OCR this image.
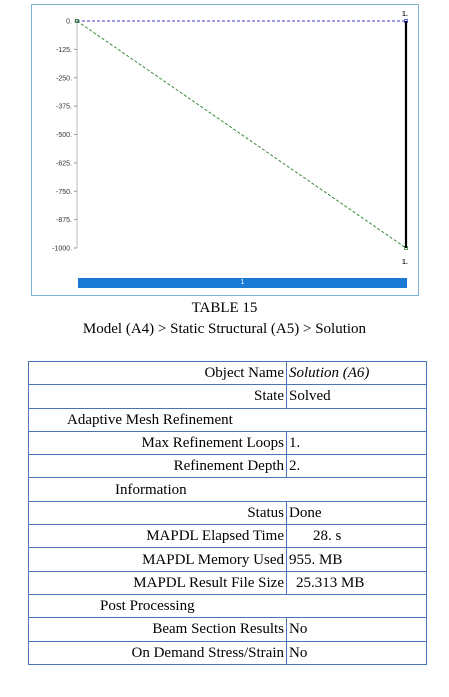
0.
-125.
-250.
-375.
-500.
-625.
-750.
-875.
-1000.
1.
1.
1
TABLE 15
Model (A4) > Static Structural (A5) > Solution
Object Name	Solution (A6)
State	Solved
Adaptive Mesh Refinement	
Max Refinement Loops	1.
Refinement Depth	2.
Information	
Status	Done
MAPDL Elapsed Time	28. s
MAPDL Memory Used	955. MB
MAPDL Result File Size	25.313 MB
Post Processing	
Beam Section Results	No
On Demand Stress/Strain	No
